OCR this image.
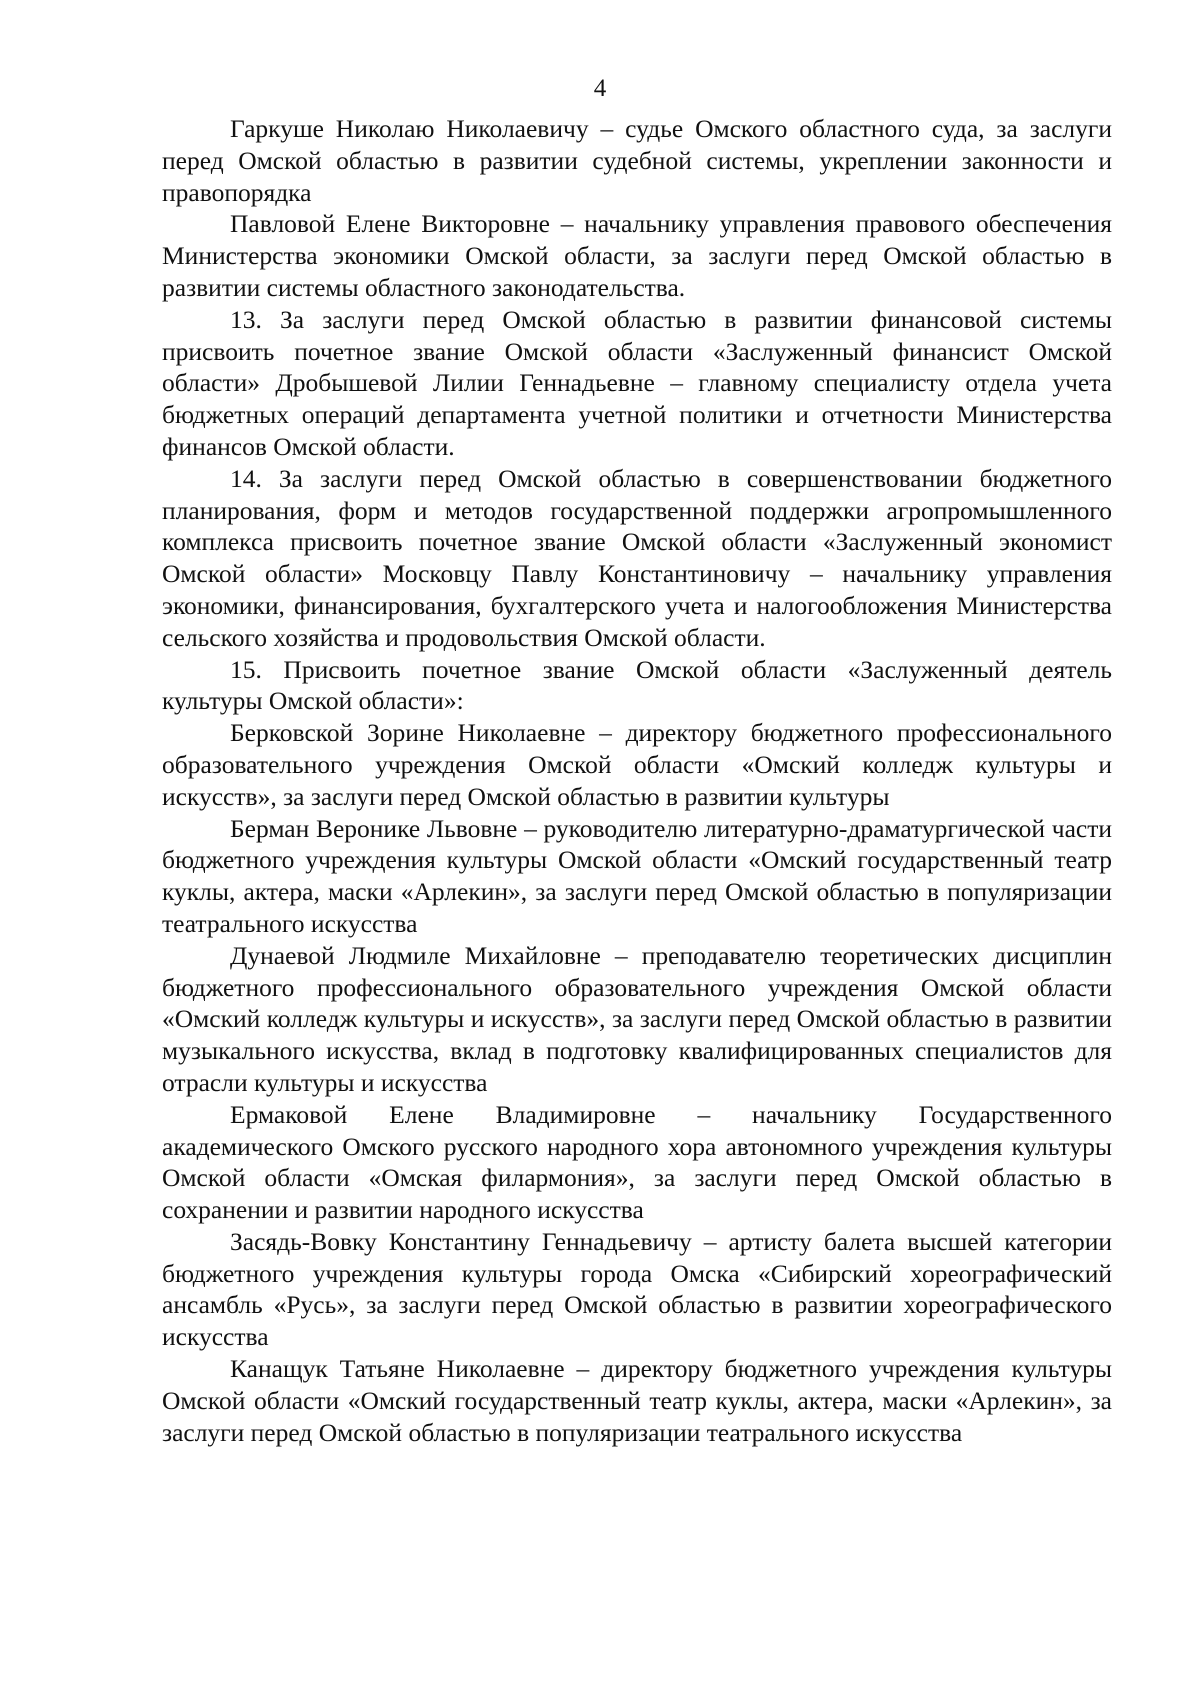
4

Гаркуше Николаю Николаевичу – судье Омского областного суда, за заслуги перед Омской областью в развитии судебной системы, укреплении законности и правопорядка

Павловой Елене Викторовне – начальнику управления правового обеспечения Министерства экономики Омской области, за заслуги перед Омской областью в развитии системы областного законодательства.

13. За заслуги перед Омской областью в развитии финансовой системы присвоить почетное звание Омской области «Заслуженный финансист Омской области» Дробышевой Лилии Геннадьевне – главному специалисту отдела учета бюджетных операций департамента учетной политики и отчетности Министерства финансов Омской области.

14. За заслуги перед Омской областью в совершенствовании бюджетного планирования, форм и методов государственной поддержки агропромышленного комплекса присвоить почетное звание Омской области «Заслуженный экономист Омской области» Московцу Павлу Константиновичу – начальнику управления экономики, финансирования, бухгалтерского учета и налогообложения Министерства сельского хозяйства и продовольствия Омской области.

15. Присвоить почетное звание Омской области «Заслуженный деятель культуры Омской области»:

Берковской Зорине Николаевне – директору бюджетного профессионального образовательного учреждения Омской области «Омский колледж культуры и искусств», за заслуги перед Омской областью в развитии культуры

Берман Веронике Львовне – руководителю литературно-драматургической части бюджетного учреждения культуры Омской области «Омский государственный театр куклы, актера, маски «Арлекин», за заслуги перед Омской областью в популяризации театрального искусства

Дунаевой Людмиле Михайловне – преподавателю теоретических дисциплин бюджетного профессионального образовательного учреждения Омской области «Омский колледж культуры и искусств», за заслуги перед Омской областью в развитии музыкального искусства, вклад в подготовку квалифицированных специалистов для отрасли культуры и искусства

Ермаковой Елене Владимировне – начальнику Государственного академического Омского русского народного хора автономного учреждения культуры Омской области «Омская филармония», за заслуги перед Омской областью в сохранении и развитии народного искусства

Засядь-Вовку Константину Геннадьевичу – артисту балета высшей категории бюджетного учреждения культуры города Омска «Сибирский хореографический ансамбль «Русь», за заслуги перед Омской областью в развитии хореографического искусства

Канащук Татьяне Николаевне – директору бюджетного учреждения культуры Омской области «Омский государственный театр куклы, актера, маски «Арлекин», за заслуги перед Омской областью в популяризации театрального искусства
